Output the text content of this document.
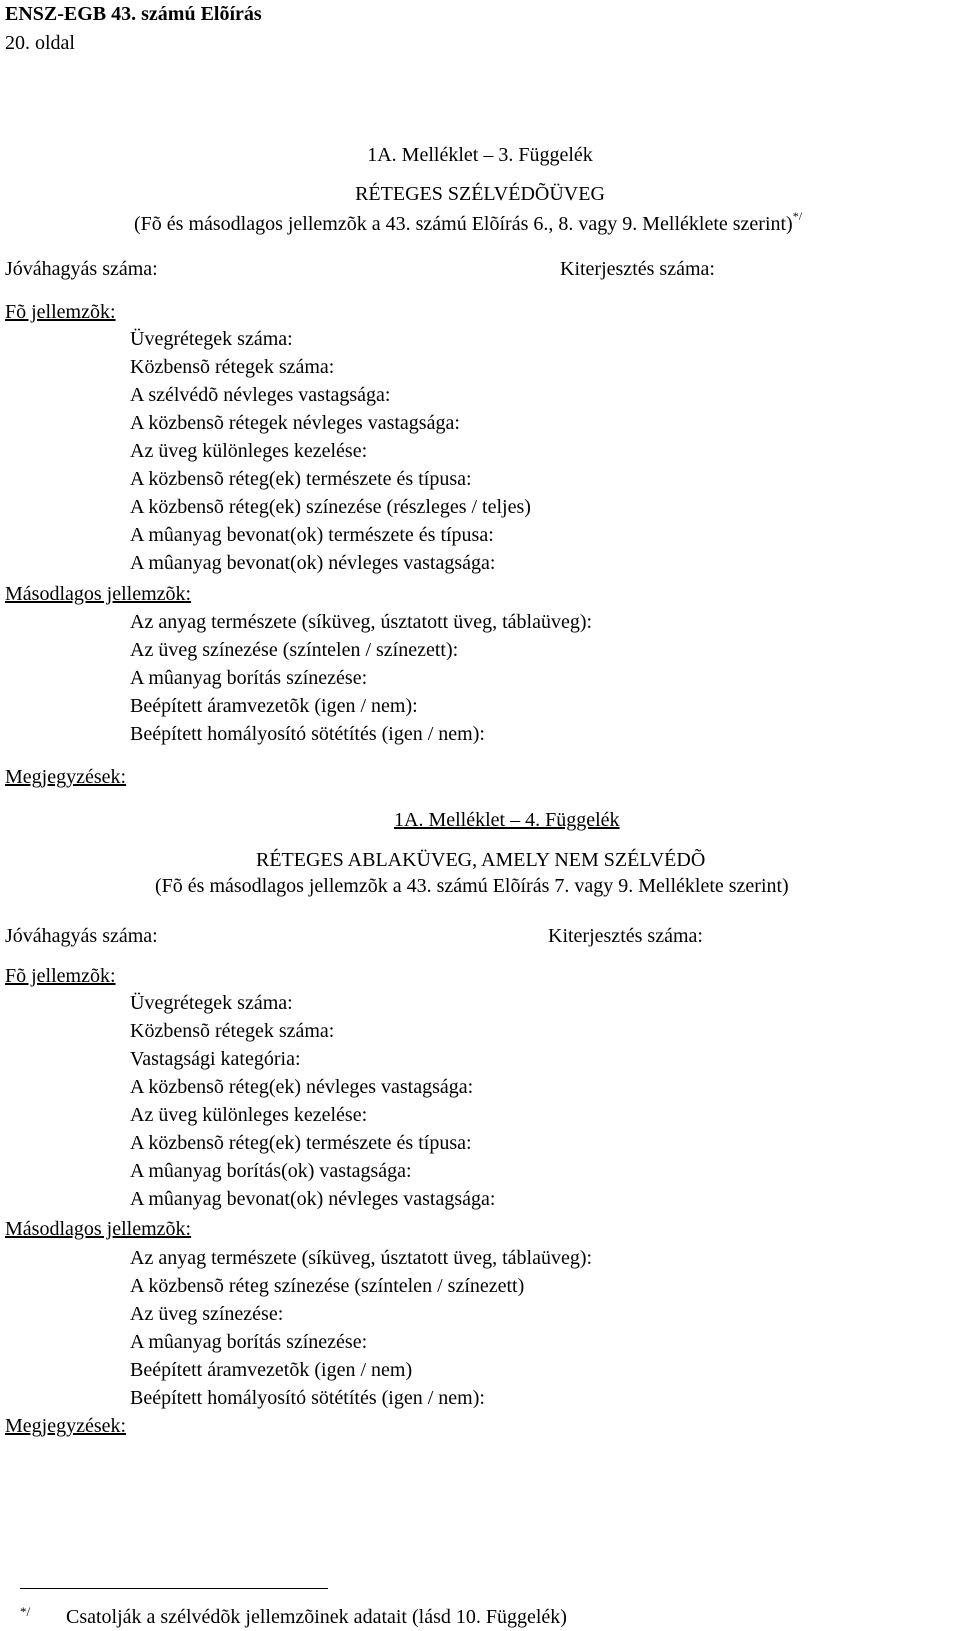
ENSZ-EGB 43. számú Elõírás
20. oldal
1A. Melléklet – 3. Függelék
RÉTEGES SZÉLVÉDÕÜVEG
(Fõ és másodlagos jellemzõk a 43. számú Elõírás 6., 8. vagy 9. Melléklete szerint)*/
Jóváhagyás száma:	Kiterjesztés száma:
Fõ jellemzõk:
Üvegrétegek száma:
Közbensõ rétegek száma:
A szélvédõ névleges vastagsága:
A közbensõ rétegek névleges vastagsága:
Az üveg különleges kezelése:
A közbensõ réteg(ek) természete és típusa:
A közbensõ réteg(ek) színezése (részleges / teljes)
A mûanyag bevonat(ok) természete és típusa:
A mûanyag bevonat(ok) névleges vastagsága:
Másodlagos jellemzõk:
Az anyag természete (síküveg, úsztatott üveg, táblaüveg):
Az üveg színezése (színtelen / színezett):
A mûanyag borítás színezése:
Beépített áramvezetõk (igen / nem):
Beépített homályosító sötétítés (igen / nem):
Megjegyzések:
1A. Melléklet – 4. Függelék
RÉTEGES ABLAKÜVEG, AMELY NEM SZÉLVÉDÕ
(Fõ és másodlagos jellemzõk a 43. számú Elõírás 7. vagy 9. Melléklete szerint)
Jóváhagyás száma:	Kiterjesztés száma:
Fõ jellemzõk:
Üvegrétegek száma:
Közbensõ rétegek száma:
Vastagsági kategória:
A közbensõ réteg(ek) névleges vastagsága:
Az üveg különleges kezelése:
A közbensõ réteg(ek) természete és típusa:
A mûanyag borítás(ok) vastagsága:
A mûanyag bevonat(ok) névleges vastagsága:
Másodlagos jellemzõk:
Az anyag természete (síküveg, úsztatott üveg, táblaüveg):
A közbensõ réteg színezése (színtelen / színezett)
Az üveg színezése:
A mûanyag borítás színezése:
Beépített áramvezetõk (igen / nem)
Beépített homályosító sötétítés (igen / nem):
Megjegyzések:
*/ Csatolják a szélvédõk jellemzõinek adatait (lásd 10. Függelék)
